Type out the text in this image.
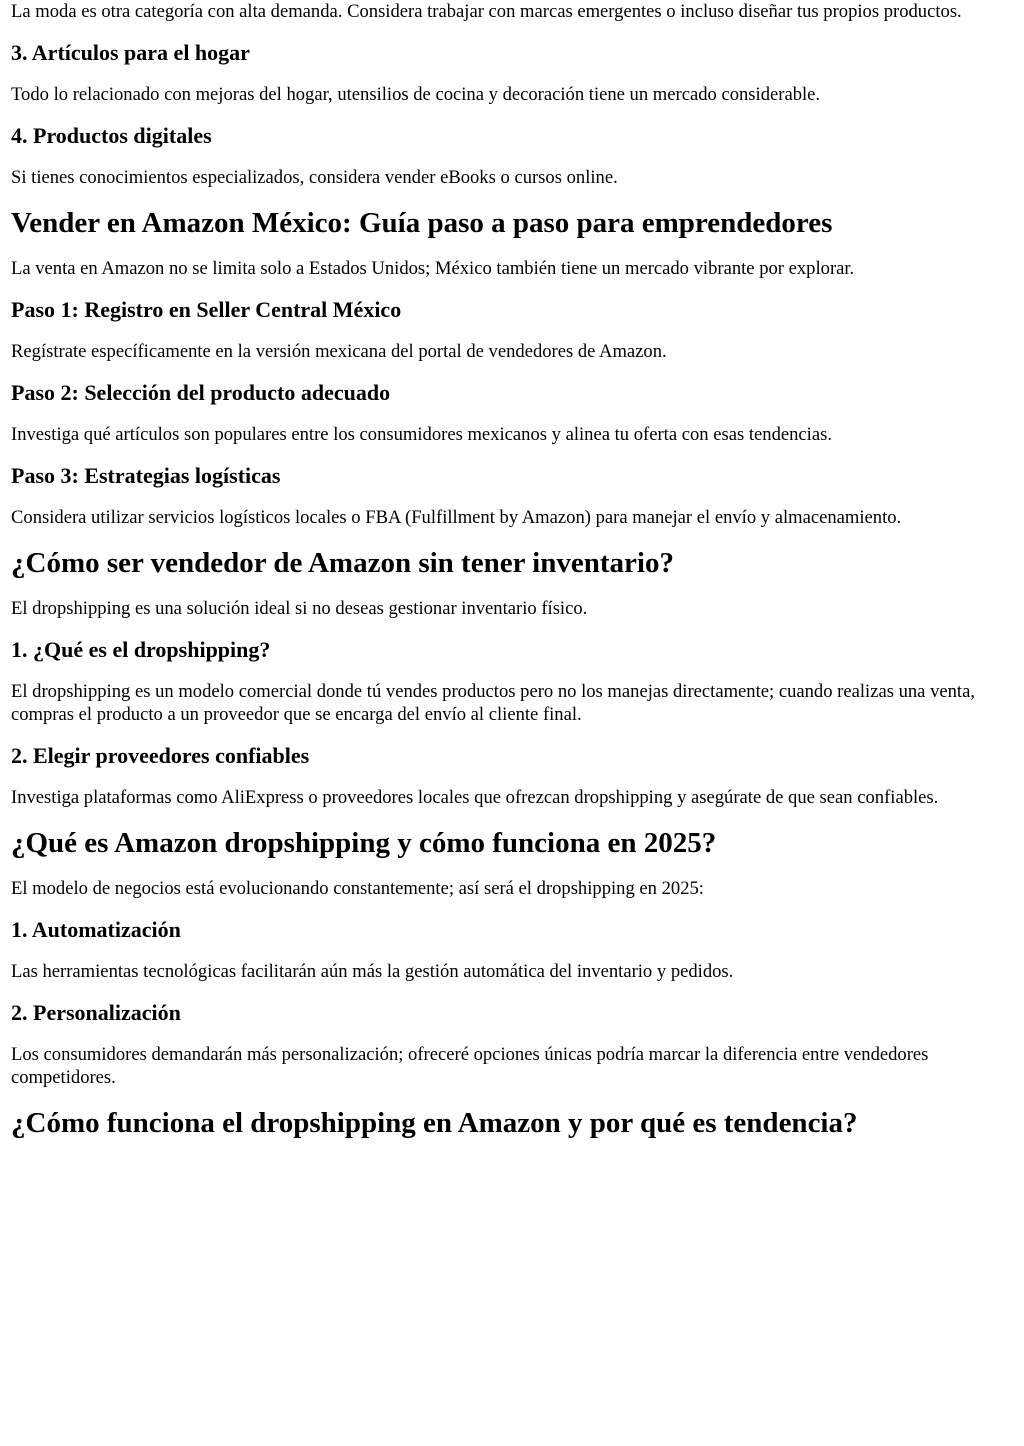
La moda es otra categoría con alta demanda. Considera trabajar con marcas emergentes o incluso diseñar tus propios productos.

3. Artículos para el hogar

Todo lo relacionado con mejoras del hogar, utensilios de cocina y decoración tiene un mercado considerable.

4. Productos digitales

Si tienes conocimientos especializados, considera vender eBooks o cursos online.

Vender en Amazon México: Guía paso a paso para emprendedores

La venta en Amazon no se limita solo a Estados Unidos; México también tiene un mercado vibrante por explorar.

Paso 1: Registro en Seller Central México

Regístrate específicamente en la versión mexicana del portal de vendedores de Amazon.

Paso 2: Selección del producto adecuado

Investiga qué artículos son populares entre los consumidores mexicanos y alinea tu oferta con esas tendencias.

Paso 3: Estrategias logísticas

Considera utilizar servicios logísticos locales o FBA (Fulfillment by Amazon) para manejar el envío y almacenamiento.

¿Cómo ser vendedor de Amazon sin tener inventario?

El dropshipping es una solución ideal si no deseas gestionar inventario físico.

1. ¿Qué es el dropshipping?

El dropshipping es un modelo comercial donde tú vendes productos pero no los manejas directamente; cuando realizas una venta, compras el producto a un proveedor que se encarga del envío al cliente final.

2. Elegir proveedores confiables

Investiga plataformas como AliExpress o proveedores locales que ofrezcan dropshipping y asegúrate de que sean confiables.

¿Qué es Amazon dropshipping y cómo funciona en 2025?

El modelo de negocios está evolucionando constantemente; así será el dropshipping en 2025:

1. Automatización

Las herramientas tecnológicas facilitarán aún más la gestión automática del inventario y pedidos.

2. Personalización

Los consumidores demandarán más personalización; ofreceré opciones únicas podría marcar la diferencia entre vendedores competidores.

¿Cómo funciona el dropshipping en Amazon y por qué es tendencia?
